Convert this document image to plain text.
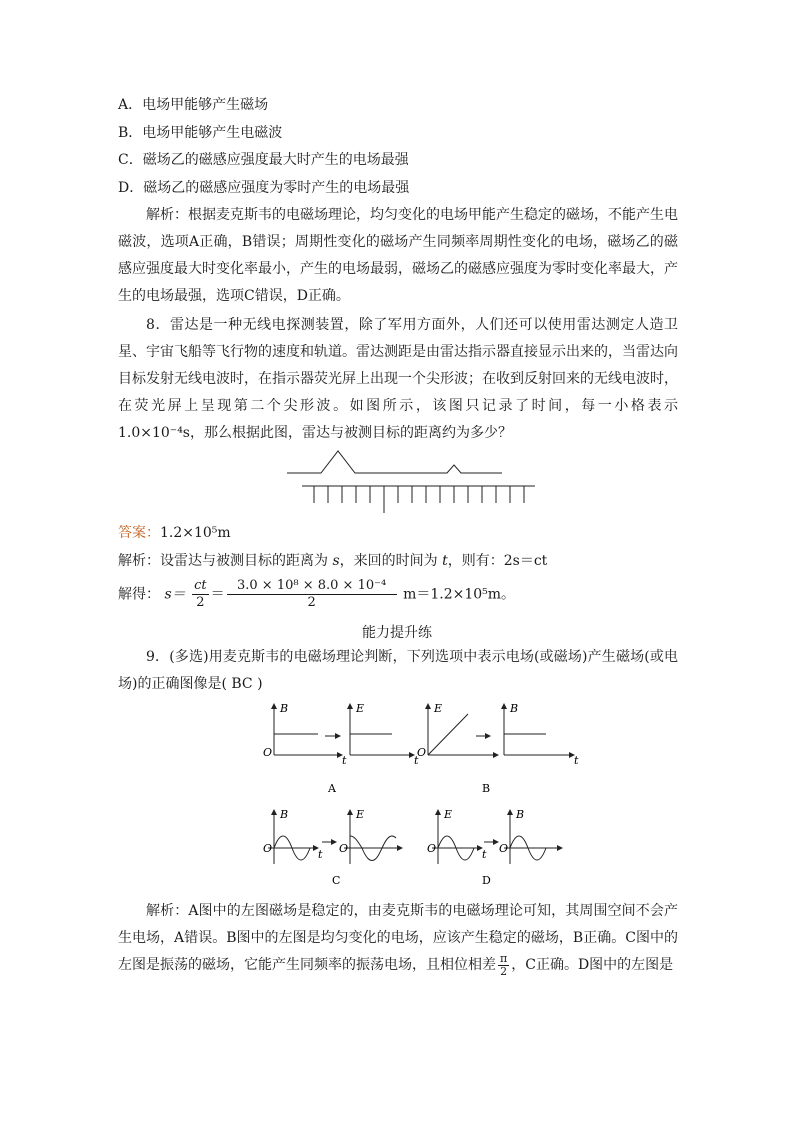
A．电场甲能够产生磁场
B．电场甲能够产生电磁波
C．磁场乙的磁感应强度最大时产生的电场最强
D．磁场乙的磁感应强度为零时产生的电场最强
解析：根据麦克斯韦的电磁场理论，均匀变化的电场甲能产生稳定的磁场，不能产生电磁波，选项A正确，B错误；周期性变化的磁场产生同频率周期性变化的电场，磁场乙的磁感应强度最大时变化率最小，产生的电场最弱，磁场乙的磁感应强度为零时变化率最大，产生的电场最强，选项C错误，D正确。
8．雷达是一种无线电探测装置，除了军用方面外，人们还可以使用雷达测定人造卫星、宇宙飞船等飞行物的速度和轨道。雷达测距是由雷达指示器直接显示出来的，当雷达向目标发射无线电波时，在指示器荧光屏上出现一个尖形波；在收到反射回来的无线电波时，在荧光屏上呈现第二个尖形波。如图所示，该图只记录了时间，每一小格表示 1.0×10⁻⁴s，那么根据此图，雷达与被测目标的距离约为多少？
答案：1.2×10⁵m
解析：设雷达与被测目标的距离为 s，来回的时间为 t，则有：2s＝ct
解得： $s= \frac{ct}{2} = \frac{\text{3.0 × 10⁸ × 8.0 × 10⁻⁴}}{2} m=1.2\times 10^5m$。
能力提升练
9．(多选)用麦克斯韦的电磁场理论判断，下列选项中表示电场(或磁场)产生磁场(或电场)的正确图像是( BC )
B
O
t
E
t
A
E
O
B
t
B
B
O	t
E
O
C
E
O	t
B
O
D
解析：A图中的左图磁场是稳定的，由麦克斯韦的电磁场理论可知，其周围空间不会产生电场，A错误。B图中的左图是均匀变化的电场，应该产生稳定的磁场，B正确。C图中的左图是振荡的磁场，它能产生同频率的振荡电场，且相位相差 $\frac{\pi}{2}$ ，C正确。D图中的左图是
